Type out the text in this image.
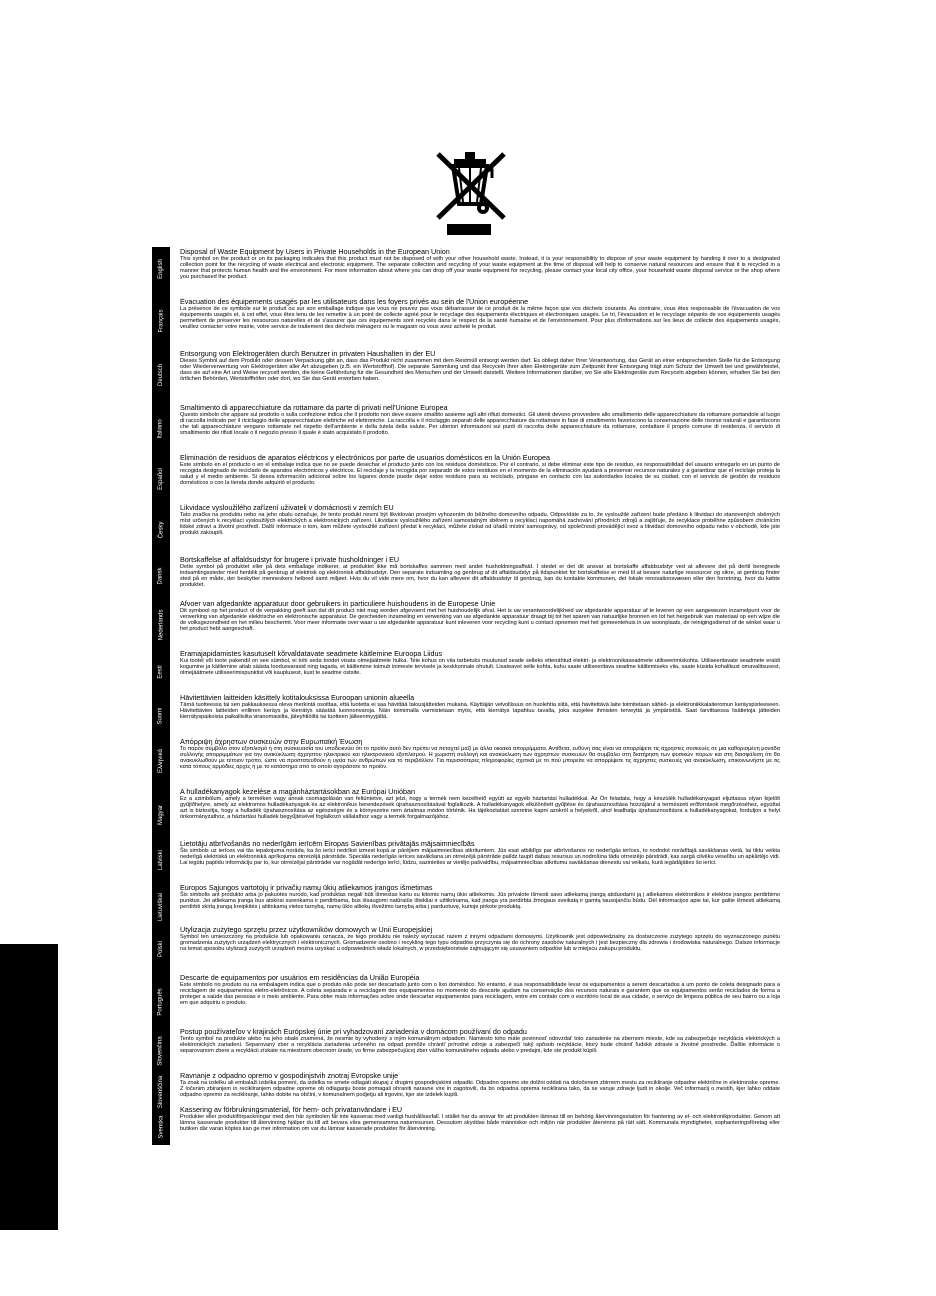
English
Français
Deutsch
Italiano
Español
Česky
Dansk
Nederlands
Eesti
Suomi
Ελληνικά
Magyar
Latviski
Lietuviškai
Polski
Português
Slovenčina
Slovenščina
Svenska
Disposal of Waste Equipment by Users in Private Households in the European Union

This symbol on the product or on its packaging indicates that this product must not be disposed of with your other household waste. Instead, it is your responsibility to dispose of your waste equipment by handing it over to a designated collection point for the recycling of waste electrical and electronic equipment. The separate collection and recycling of your waste equipment at the time of disposal will help to conserve natural resources and ensure that it is recycled in a manner that protects human health and the environment. For more information about where you can drop off your waste equipment for recycling, please contact your local city office, your household waste disposal service or the shop where you purchased the product.

Évacuation des équipements usagés par les utilisateurs dans les foyers privés au sein de l'Union européenne

La présence de ce symbole sur le produit ou sur son emballage indique que vous ne pouvez pas vous débarrasser de ce produit de la même façon que vos déchets courants. Au contraire, vous êtes responsable de l'évacuation de vos équipements usagés et, à cet effet, vous êtes tenu de les remettre à un point de collecte agréé pour le recyclage des équipements électriques et électroniques usagés. Le tri, l'évacuation et le recyclage séparés de vos équipements usagés permettent de préserver les ressources naturelles et de s'assurer que ces équipements sont recyclés dans le respect de la santé humaine et de l'environnement. Pour plus d'informations sur les lieux de collecte des équipements usagés, veuillez contacter votre mairie, votre service de traitement des déchets ménagers ou le magasin où vous avez acheté le produit.

Entsorgung von Elektrogeräten durch Benutzer in privaten Haushalten in der EU

Dieses Symbol auf dem Produkt oder dessen Verpackung gibt an, dass das Produkt nicht zusammen mit dem Restmüll entsorgt werden darf. Es obliegt daher Ihrer Verantwortung, das Gerät an einer entsprechenden Stelle für die Entsorgung oder Wiederverwertung von Elektrogeräten aller Art abzugeben (z.B. ein Wertstoffhof). Die separate Sammlung und das Recyceln Ihrer alten Elektrogeräte zum Zeitpunkt ihrer Entsorgung trägt zum Schutz der Umwelt bei und gewährleistet, dass sie auf eine Art und Weise recycelt werden, die keine Gefährdung für die Gesundheit des Menschen und der Umwelt darstellt. Weitere Informationen darüber, wo Sie alte Elektrogeräte zum Recyceln abgeben können, erhalten Sie bei den örtlichen Behörden, Wertstoffhöfen oder dort, wo Sie das Gerät erworben haben.

Smaltimento di apparecchiature da rottamare da parte di privati nell'Unione Europea

Questo simbolo che appare sul prodotto o sulla confezione indica che il prodotto non deve essere smaltito assieme agli altri rifiuti domestici. Gli utenti devono provvedere allo smaltimento delle apparecchiature da rottamare portandole al luogo di raccolta indicato per il riciclaggio delle apparecchiature elettriche ed elettroniche. La raccolta e il riciclaggio separati delle apparecchiature da rottamare in fase di smaltimento favoriscono la conservazione delle risorse naturali e garantiscono che tali apparecchiature vengano rottamate nel rispetto dell'ambiente e della tutela della salute. Per ulteriori informazioni sui punti di raccolta delle apparecchiature da rottamare, contattare il proprio comune di residenza, il servizio di smaltimento dei rifiuti locale o il negozio presso il quale è stato acquistato il prodotto.

Eliminación de residuos de aparatos eléctricos y electrónicos por parte de usuarios domésticos en la Unión Europea

Este símbolo en el producto o en el embalaje indica que no se puede desechar el producto junto con los residuos domésticos. Por el contrario, si debe eliminar este tipo de residuo, es responsabilidad del usuario entregarlo en un punto de recogida designado de reciclado de aparatos electrónicos y eléctricos. El reciclaje y la recogida por separado de estos residuos en el momento de la eliminación ayudará a preservar recursos naturales y a garantizar que el reciclaje proteja la salud y el medio ambiente. Si desea información adicional sobre los lugares donde puede dejar estos residuos para su reciclado, póngase en contacto con las autoridades locales de su ciudad, con el servicio de gestión de residuos domésticos o con la tienda donde adquirió el producto.

Likvidace vysloužilého zařízení uživateli v domácnosti v zemích EU

Tato značka na produktu nebo na jeho obalu označuje, že tento produkt nesmí být likvidován prostým vyhozením do běžného domovního odpadu. Odpovídáte za to, že vysloužilé zařízení bude předáno k likvidaci do stanovených sběrných míst určených k recyklaci vysloužilých elektrických a elektronických zařízení. Likvidace vysloužilého zařízení samostatným sběrem a recyklací napomáhá zachování přírodních zdrojů a zajišťuje, že recyklace proběhne způsobem chránícím lidské zdraví a životní prostředí. Další informace o tom, kam můžete vysloužilé zařízení předat k recyklaci, můžete získat od úřadů místní samosprávy, od společnosti provádějící svoz a likvidaci domovního odpadu nebo v obchodě, kde jste produkt zakoupili.

Bortskaffelse af affaldsudstyr for brugere i private husholdninger i EU

Dette symbol på produktet eller på dets emballage indikerer, at produktet ikke må bortskaffes sammen med andet husholdningsaffald. I stedet er det dit ansvar at bortskaffe affaldsudstyr ved at aflevere det på dertil beregnede indsamlingssteder med henblik på genbrug af elektrisk og elektronisk affaldsudstyr. Den separate indsamling og genbrug af dit affaldsudstyr på tidspunktet for bortskaffelse er med til at bevare naturlige ressourcer og sikre, at genbrug finder sted på en måde, der beskytter menneskers helbred samt miljøet. Hvis du vil vide mere om, hvor du kan aflevere dit affaldsudstyr til genbrug, kan du kontakte kommunen, det lokale renovationsvæsen eller den forretning, hvor du købte produktet.

Afvoer van afgedankte apparatuur door gebruikers in particuliere huishoudens in de Europese Unie

Dit symbool op het product of de verpakking geeft aan dat dit product niet mag worden afgevoerd met het huishoudelijk afval. Het is uw verantwoordelijkheid uw afgedankte apparatuur af te leveren op een aangewezen inzamelpunt voor de verwerking van afgedankte elektrische en elektronische apparatuur. De gescheiden inzameling en verwerking van uw afgedankte apparatuur draagt bij tot het sparen van natuurlijke bronnen en tot het hergebruik van materiaal op een wijze die de volksgezondheid en het milieu beschermt. Voor meer informatie over waar u uw afgedankte apparatuur kunt inleveren voor recycling kunt u contact opnemen met het gemeentehuis in uw woonplaats, de reinigingsdienst of de winkel waar u het product hebt aangeschaft.

Eramajapidamistes kasutuselt kõrvaldatavate seadmete käitlemine Euroopa Liidus

Kui tootel või toote pakendil on see sümbol, ei tohi seda toodet visata olmejäätmete hulka. Teie kohus on viia tarbetuks muutunud seade selleks ettenähtud elektri- ja elektroonikaseadmete utiliseerimiskohta. Utiliseeritavate seadmete eraldi kogumine ja käitlemine aitab säästa loodusvarasid ning tagada, et käitlemine toimub inimeste tervisele ja keskkonnale ohutult. Lisateavet selle kohta, kuhu saate utiliseeritava seadme käitlemiseks viia, saate küsida kohalikust omavalitsusest, olmejäätmete utiliseerimispunktist või kauplusest, kust te seadme ostsite.

Hävitettävien laitteiden käsittely kotitalouksissa Euroopan unionin alueella

Tämä tuotteessa tai sen pakkauksessa oleva merkintä osoittaa, että tuotetta ei saa hävittää talousjätteiden mukana. Käyttäjän velvollisuus on huolehtia siitä, että hävitettävä laite toimitetaan sähkö- ja elektroniikkalaiteromun keräyspisteeseen. Hävitettävien laitteiden erillinen keräys ja kierrätys säästää luonnonvaroja. Näin toimimalla varmistetaan myös, että kierrätys tapahtuu tavalla, joka suojelee ihmisten terveyttä ja ympäristöä. Saat tarvittaessa lisätietoja jätteiden kierrätyspaikoista paikallisilta viranomaisilta, jäteyhtiöiltä tai tuotteen jälleenmyyjältä.

Απόρριψη άχρηστων συσκευών στην Ευρωπαϊκή Ένωση

Το παρόν σύμβολο στον εξοπλισμό ή στη συσκευασία του υποδεικνύει ότι το προϊόν αυτό δεν πρέπει να πεταχτεί μαζί με άλλα οικιακά απορρίμματα. Αντίθετα, ευθύνη σας είναι να απορρίψετε τις άχρηστες συσκευές σε μια καθορισμένη μονάδα συλλογής απορριμμάτων για την ανακύκλωση άχρηστου ηλεκτρικού και ηλεκτρονικού εξοπλισμού. Η χωριστή συλλογή και ανακύκλωση των άχρηστων συσκευών θα συμβάλει στη διατήρηση των φυσικών πόρων και στη διασφάλιση ότι θα ανακυκλωθούν με τέτοιον τρόπο, ώστε να προστατευθούν η υγεία των ανθρώπων και το περιβάλλον. Για περισσότερες πληροφορίες σχετικά με το πού μπορείτε να απορρίψετε τις άχρηστες συσκευές για ανακύκλωση, επικοινωνήστε με τις κατά τόπους αρμόδιες αρχές ή με το κατάστημα από το οποίο αγοράσατε το προϊόν.

A hulladékanyagok kezelése a magánháztartásokban az Európai Unióban

Ez a szimbólum, amely a terméken vagy annak csomagolásán van feltüntetve, azt jelzi, hogy a termék nem kezelhető együtt az egyéb háztartási hulladékkal. Az Ön feladata, hogy a készülék hulladékanyagait eljuttassa olyan kijelölt gyűjtőhelyre, amely az elektromos hulladékanyagok és az elektronikus berendezések újrahasznosításával foglalkozik. A hulladékanyagok elkülönített gyűjtése és újrahasznosítása hozzájárul a természeti erőforrások megőrzéséhez, egyúttal azt is biztosítja, hogy a hulladék újrahasznosítása az egészségre és a környezetre nem ártalmas módon történik. Ha tájékoztatást szeretne kapni azokról a helyekről, ahol leadhatja újrahasznosításra a hulladékanyagokat, forduljon a helyi önkormányzathoz, a háztartási hulladék begyűjtésével foglalkozó vállalathoz vagy a termék forgalmazójához.

Lietotāju atbrīvošanās no nederīgām ierīcēm Eiropas Savienības privātajās mājsaimniecībās

Šis simbols uz ierīces vai tās iepakojuma norāda, ka šo ierīci nedrīkst izmest kopā ar pārējiem mājsaimniecības atkritumiem. Jūs esat atbildīgs par atbrīvošanos no nederīgās ierīces, to nododot norādītajā savākšanas vietā, lai tiktu veikta nederīgā elektriskā un elektroniskā aprīkojuma otrreizējā pārstrāde. Speciāla nederīgās ierīces savākšana un otrreizējā pārstrāde palīdz taupīt dabas resursus un nodrošina tādu otrreizējo pārstrādi, kas sargā cilvēku veselību un apkārtējo vidi. Lai iegūtu papildu informāciju par to, kur otrreizējai pārstrādei var nogādāt nederīgo ierīci, lūdzu, sazinieties ar vietējo pašvaldību, mājsaimniecības atkritumu savākšanas dienestu vai veikalu, kurā iegādājāties šo ierīci.

Europos Sąjungos vartotojų ir privačių namų ūkių atliekamos įrangos išmetimas

Šis simbolis ant produkto arba jo pakuotės nurodo, kad produktas negali būti išmestas kartu su kitomis namų ūkio atliekomis. Jūs privalote išmesti savo atliekamą įrangą atiduodami ją į atliekamos elektronikos ir elektros įrangos perdirbimo punktus. Jei atliekama įranga bus atskirai surenkama ir perdirbama, bus išsaugomi natūralūs ištekliai ir užtikrinama, kad įranga yra perdirbta žmogaus sveikatą ir gamtą tausojančiu būdu. Dėl informacijos apie tai, kur galite išmesti atliekamą perdirbti skirtą įrangą kreipkitės į atitinkamą vietos tarnybą, namų ūkio atliekų išvežimo tarnybą arba į parduotuvę, kurioje pirkote produktą.

Utylizacja zużytego sprzętu przez użytkowników domowych w Unii Europejskiej

Symbol ten umieszczony na produkcie lub opakowaniu oznacza, że tego produktu nie należy wyrzucać razem z innymi odpadami domowymi. Użytkownik jest odpowiedzialny za dostarczenie zużytego sprzętu do wyznaczonego punktu gromadzenia zużytych urządzeń elektrycznych i elektronicznych. Gromadzenie osobno i recykling tego typu odpadów przyczynia się do ochrony zasobów naturalnych i jest bezpieczny dla zdrowia i środowiska naturalnego. Dalsze informacje na temat sposobu utylizacji zużytych urządzeń można uzyskać u odpowiednich władz lokalnych, w przedsiębiorstwie zajmującym się usuwaniem odpadów lub w miejscu zakupu produktu.

Descarte de equipamentos por usuários em residências da União Européia

Este símbolo no produto ou na embalagem indica que o produto não pode ser descartado junto com o lixo doméstico. No entanto, é sua responsabilidade levar os equipamentos a serem descartados a um ponto de coleta designado para a reciclagem de equipamentos eletro-eletrônicos. A coleta separada e a reciclagem dos equipamentos no momento do descarte ajudam na conservação dos recursos naturais e garantem que os equipamentos serão reciclados de forma a proteger a saúde das pessoas e o meio ambiente. Para obter mais informações sobre onde descartar equipamentos para reciclagem, entre em contato com o escritório local de sua cidade, o serviço de limpeza pública de seu bairro ou a loja em que adquiriu o produto.

Postup používateľov v krajinách Európskej únie pri vyhadzovaní zariadenia v domácom používaní do odpadu

Tento symbol na produkte alebo na jeho obale znamená, že nesmie by vyhodený s iným komunálnym odpadom. Namiesto toho máte povinnosť odovzdať toto zariadenie na zbernom mieste, kde sa zabezpečuje recyklácia elektrických a elektronických zariadení. Separovaný zber a recyklácia zariadenia určeného na odpad pomôže chrániť prírodné zdroje a zabezpečí taký spôsob recyklácie, ktorý bude chrániť ľudské zdravie a životné prostredie. Ďalšie informácie o separovanom zbere a recyklácii získate na miestnom obecnom úrade, vo firme zabezpečujúcej zber vášho komunálneho odpadu alebo v predajni, kde ste produkt kúpili.

Ravnanje z odpadno opremo v gospodinjstvih znotraj Evropske unije

Ta znak na izdelku ali embalaži izdelka pomeni, da izdelka ne smete odlagati skupaj z drugimi gospodinjskimi odpadki. Odpadno opremo ste dolžni oddati na določenem zbirnem mestu za recikliranje odpadne električne in elektronske opreme. Z ločenim zbiranjem in recikliranjem odpadne opreme ob odlaganju boste pomagali ohraniti naravne vire in zagotovili, da bo odpadna oprema reciklirana tako, da se varuje zdravje ljudi in okolje. Več informacij o mestih, kjer lahko oddate odpadno opremo za recikliranje, lahko dobite na občini, v komunalnem podjetju ali trgovini, kjer ste izdelek kupili.

Kassering av förbrukningsmaterial, för hem- och privatanvändare i EU

Produkter eller produktförpackningar med den här symbolen får inte kasseras med vanligt hushållsavfall. I stället har du ansvar för att produkten lämnas till en behörig återvinningsstation för hantering av el- och elektronikprodukter. Genom att lämna kasserade produkter till återvinning hjälper du till att bevara våra gemensamma naturresurser. Dessutom skyddas både människor och miljön när produkter återvinns på rätt sätt. Kommunala myndigheter, sophanteringsföretag eller butiken där varan köptes kan ge mer information om var du lämnar kasserade produkter för återvinning.
